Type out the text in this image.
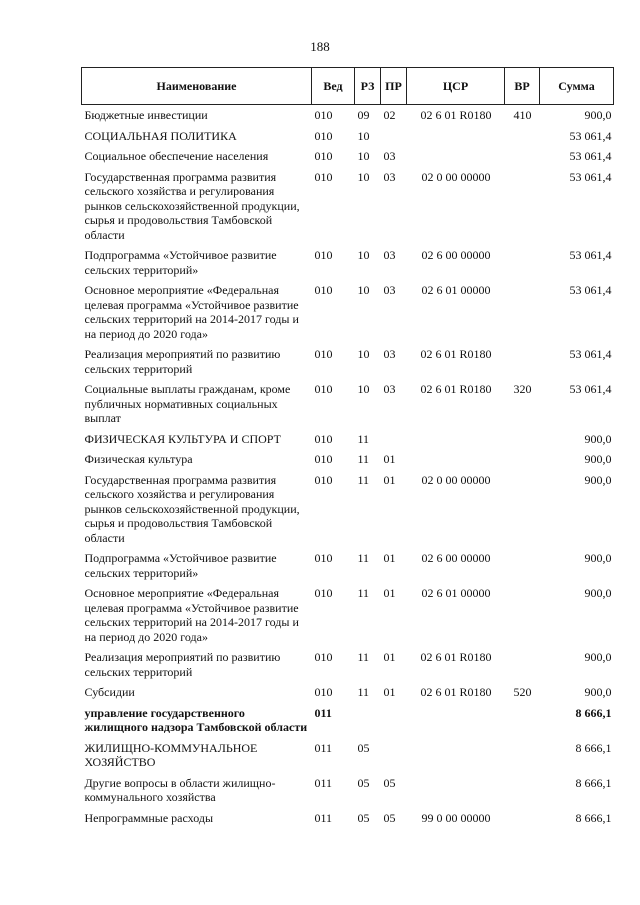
188
Наименование	Вед	РЗ	ПР	ЦСР	ВР	Сумма
Бюджетные инвестиции	010	09	02	02 6 01 R0180	410	900,0
СОЦИАЛЬНАЯ ПОЛИТИКА	010	10				53 061,4
Социальное обеспечение населения	010	10	03			53 061,4
Государственная программа развития сельского хозяйства и регулирования рынков сельскохозяйственной продукции, сырья и продовольствия Тамбовской области	010	10	03	02 0 00 00000		53 061,4
Подпрограмма «Устойчивое развитие сельских территорий»	010	10	03	02 6 00 00000		53 061,4
Основное мероприятие «Федеральная целевая программа «Устойчивое развитие сельских территорий на 2014-2017 годы и на период до 2020 года»	010	10	03	02 6 01 00000		53 061,4
Реализация мероприятий по развитию сельских территорий	010	10	03	02 6 01 R0180		53 061,4
Социальные выплаты гражданам, кроме публичных нормативных социальных выплат	010	10	03	02 6 01 R0180	320	53 061,4
ФИЗИЧЕСКАЯ КУЛЬТУРА И СПОРТ	010	11				900,0
Физическая культура	010	11	01			900,0
Государственная программа развития сельского хозяйства и регулирования рынков сельскохозяйственной продукции, сырья и продовольствия Тамбовской области	010	11	01	02 0 00 00000		900,0
Подпрограмма «Устойчивое развитие сельских территорий»	010	11	01	02 6 00 00000		900,0
Основное мероприятие «Федеральная целевая программа «Устойчивое развитие сельских территорий на 2014-2017 годы и на период до 2020 года»	010	11	01	02 6 01 00000		900,0
Реализация мероприятий по развитию сельских территорий	010	11	01	02 6 01 R0180		900,0
Субсидии	010	11	01	02 6 01 R0180	520	900,0
управление государственного жилищного надзора Тамбовской области	011					8 666,1
ЖИЛИЩНО-КОММУНАЛЬНОЕ ХОЗЯЙСТВО	011	05				8 666,1
Другие вопросы в области жилищно-коммунального хозяйства	011	05	05			8 666,1
Непрограммные расходы	011	05	05	99 0 00 00000		8 666,1
